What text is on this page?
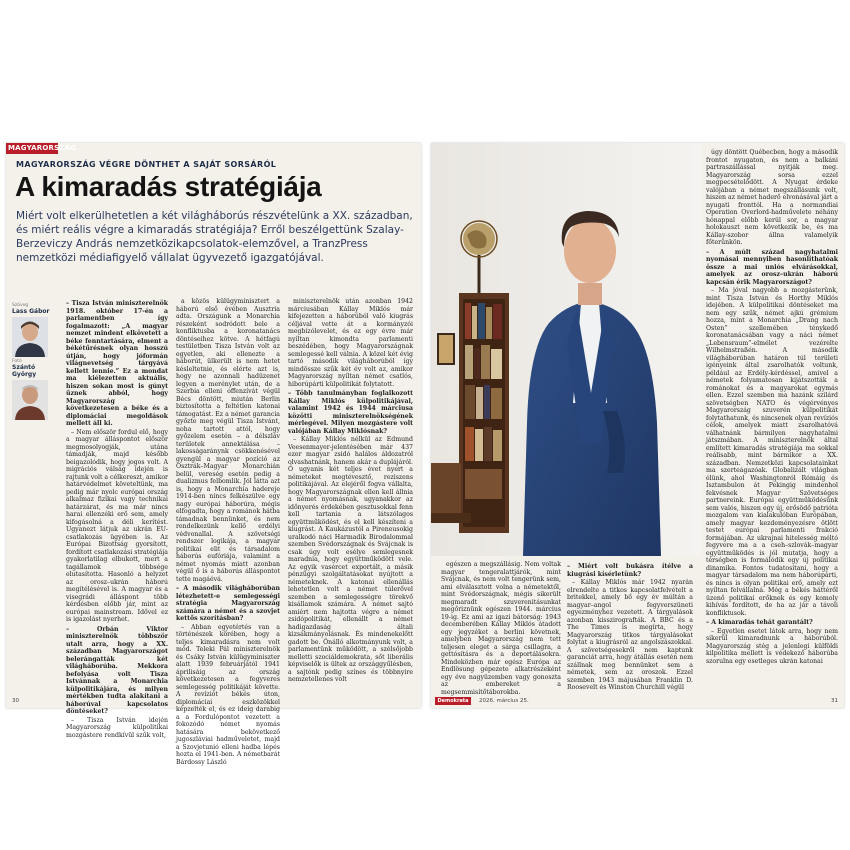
MAGYARORSZÁG
MAGYARORSZÁG VÉGRE DÖNTHET A SAJÁT SORSÁRÓL
A kimaradás stratégiája
Miért volt elkerülhetetlen a két világháborús részvételünk a XX. században, és miért reális végre a kimaradás stratégiája? Erről beszélgettünk Szalay-Berzeviczy András nemzetközikapcsolatok-elemzővel, a TranzPress nemzetközi médiafigyelő vállalat ügyvezető igazgatójával.
Szöveg
Lass Gábor
Fotó
Szántó György

– Tisza István miniszterelnök 1918. október 17-én a parlamentben így fogalmazott: „A magyar nemzet mindent elkövetett a béke fenntartására, elment a békétűrésnek olyan hosszú útján, hogy jóformán világnevetség tárgyává kellett lennie.” Ez a mondat ma kiélezetten aktuális, hiszen sokan most is gúnyt űznek abból, hogy Magyarország következetesen a béke és a diplomáciai megoldások mellett áll ki.

– Nem először fordul elő, hogy a magyar álláspontot először megmosolyogják, utána támadják, majd később beigazolódik, hogy jogos volt. A migrációs válság idején is rajtunk volt a célkereszt, amikor határvédelmet követeltünk, ma pedig már nyolc európai ország alkalmaz fizikai vagy technikai határzárat, és ma már nincs harai ellenzéki erő sem, amely kifogásolná a déli kerítést. Ugyanezt látjuk az ukrán EU-csatlakozás ügyében is. Az Európai Bizottság gyorsított, fordított csatlakozási stratégiája gyakorlatilag elbukott, mert a tagállamok többsége elutasította. Hasonló a helyzet az orosz–ukrán háború megítélésével is. A magyar és a visegrádi álláspont több kérdésben előbb jár, mint az európai mainstream. Idővel ez is igazolást nyerhet.

– Orbán Viktor miniszterelnök többször utalt arra, hogy a XX. században Magyarországot belerángatták két világháborúba. Mekkora befolyása volt Tisza Istvánnak a Monarchia külpolitikájára, és milyen mértékben tudta alakítani a háborúval kapcsolatos döntéseket?

– Tisza István idején Magyarország külpolitikai mozgástere rendkívül szűk volt,

a közös külügyminisztert a háború első évében Ausztria adta. Országunk a Monarchia részeként sodródott bele a konfliktusba a koronatanács döntéseihez kötve. A hétfagú testületben Tisza István volt az egyetlen, aki ellenezte a háborút, ülkerült is nem hetet késleltetnie, és elérte azt is, hogy ne azonnali hadüzenet legyen a merénylet után, de a Szerbia elleni offenzívát végül Bécs döntött, miután Berlin biztosította a feltétlen katonai támogatást. Ez a német garancia győzte meg végül Tisza Istvánt, noha tartott attól, hogy győzelem esetén – a délszláv területek annektálása – lakosságaránynk csökkenésével gyengül a magyar pozíció az Osztrák–Magyar Monarchián belül, vereség esetén pedig a dualizmus felbomlik. Jól látta azt is, hogy a Monarchia hadereje 1914-ben nincs felkészülve egy nagy európai háborúra, mégis elfogadta, hogy a románok hátba támadnak bennünket, és nem rendelkezünk kellő erdélyi védvonallal. A szövetségi rendszer logikája, a magyar politikai elit és társadalom háborús eufóriája, valamint a német nyomás miatt azonban végül ő is a háborús álláspontot tette magáévá.

– A második világháborúban létezhetett-e semlegességi stratégia Magyarország számára a német és a szovjet kettős szorításban?

– Abban egyetértés van a történészek körében, hogy a teljes kimaradásra nem volt mód. Teleki Pál miniszterelnök és Csáky István külügyminiszter alatt 1939 februárjától 1941 áprilisáig az ország következetesen a fegyveres semlegesség politikáját követte. A revíziót békés úton, diplomáciai eszközökkel képzelték el, és ez ideig darabig a a Fordulópontot vezetett a fokozódó német nyomás hatására bekövetkező jugoszláviai hadműveletet, majd a Szovjetunió elleni hadba lépés hozta el 1941-ben. A németbarát Bárdossy László

miniszterelnök után azonban 1942 márciusában Kállay Miklós már kifejezetten a háborúból való kiugrás céljával vette át a kormányzói megbízólevelet, és ez egy évre már nyíltan kimondta parlamenti beszédében, hogy Magyarországnak semlegessé kell válnia. A közel két évig tartó második világháborúból így mindössze szűk két év volt az, amikor Magyarország nyíltan német csatlós, hiborúpárti külpolitikát folytatott.

– Több tanulmányban foglalkozott Kállay Miklós külpolitikájával, valamint 1942 és 1944 márciusa közötti miniszterelnökségének mérlegével. Milyen mozgástere volt valójában Kállay Miklósnak?

– Kállay Miklós nélkül az Edmund Veesenmayer-jelentésében már 437 ezer magyar zsidó halálos áldozatról olvashatnánk, hanem akár a duplájáról. Ő ugyanis két teljes évet nyert a németeket megtévesztő, reziszens politikájával. Az elejéről fogva vállalta, hogy Magyarországnak ellen kell állnia a német nyomásnak, ugyanakkor az időnyerés érdekében gesztusokkal fenn kell tartania a látszólagos együttműködést, és el kell készíteni a kiugrást. A Kaukázustól a Pireneusokig uralkodó náci Harmadik Birodalommal szemben Svédországnak és Svájcnak is csak úgy volt esélye semlegesnek maradnia, hogy együttműködött vele. Az egyik vasércet exportált, a másik pénzügyi szolgáltatásokat nyújtott a németeknek. A katonai ellenállás lehetetlen volt a német túlerővel szemben a semlegességre törekvő kisállamok számára. A német sajtó amiért nem hajtotta végre a német zsidópolitikát, ellenállt a német hadigazdaság általi kizsákmányolásnak. És mindenekelőtt gadott be. Önálló alkotmányunk volt, a parlamentünk működött, a szélsőjobb melletti szociáldemokrata, sőt liberális képviselők is ültek az országgyűlésben, a sajtónk pedig színes és többnyire nemzetellenes volt

30

egészen a megszállásig. Nem voltak magyar tengeralattjárók, mint Svájcnak, és nem volt tengerünk sem, ami elválasztott volna a németektől, mint Svédországnak, mégis sikerült megmaradt szuverenitásunkat megőriznünk egészen 1944. március 19-ig. Ez ami az igazi bátorság: 1943 decemberében Kállay Miklós átadott egy jegyzéket a berlini követnek, amelyben Magyarország nem tett teljesen eleget a sárga csillagra, a gettósításra és a deportálásokra. Mindeközben már egész Európa az Endlösung gépezete alkatrészeként egy éve nagyüzemben vagy gonoszta az embereket a megsemmisítőtáborokba.

– Miért volt bukásra ítélve a kiugrási kísérletünk?

– Kállay Miklós már 1942 nyarán elrendelte a titkos kapcsolatfelvételt a britekkel, amely bő egy év múltán a magyar–angol fegyverszüneti egyezményhez vezetett. A tárgyalások azonban kisszirografták. A BBC és a The Times is megírta, hogy Magyarország titkos tárgyalásokat folytat a kiugrásról az angolszászokkal. A szövetségesekről nem kaptunk garanciát arra, hogy átállás esetén nem szállnak meg bennünket sem a németek, sem az oroszok. Ezzel szemben 1943 májusában Franklin D. Roosevelt és Winston Churchill végül

úgy döntött Québecben, hogy a második frontot nyugaton, és nem a balkáni partraszállással nyitják meg. Magyarország sorsa ezzel megpecsételődött. A Nyugat érdeke valójában a német megszállásunk volt, hiszen az német haderő elvonásával járt a nyugati fronttól. Ha a normandiai Operation Overlord-hadművelete néhány hónappal előbb kerül sor, a magyar holokauszt nem következik be, és ma Kállay-szobor állna valamelyik főterünkön.

– A múlt század nagyhatalmi nyomásai mennyiben hasonlíthatóak össze a mai uniós elvárásokkal, amelyek az orosz–ukrán háború kapcsán érik Magyarországot?

– Ma jóval nagyobb a mozgásterünk, mint Tisza István és Horthy Miklós idejében. A külpolitikai döntéseket ma nem egy szűk, német ajkú grémium hozza, mint a Monarchia „Drang nach Osten” szellemében ténykedő koronatanácsában vagy a náci német „Lebensraum”-elmélet vezérelte Wilhelmstraßén. A második világháborúban határon túl területi igényeink által zsarolhatók voltunk, például az Erdély-kérdéssel, amivel a németek folyamatosan kijátszották a románokat és a magyarokat egymás ellen. Ezzel szemben ma hazánk szilárd szövetségben NATO és végérvényes Magyarország szuverén külpolitikát folytathatunk, és nincsenek olyan revíziós célok, amelyek miatt zsarolhatóvá válhatnánk bármilyen nagyhatalmi játszmában. A miniszterelnök által említett kimaradás stratégiája ma sokkal reálisabb, mint bármikor a XX. században. Nemzetközi kapcsolatainkat ma szerteágazóak. Globalizált világban élünk, ahol Washingtonról Rómáig és Isztambulon át Pekingig mindenhol fekvésnek Magyar Szövetséges partnereink. Európai együttműködésünk sem valós, hiszen egy új, erősödő patrióta mozgalom van kialakulóban Európában, amely magyar kezdeményezésre ötlött testet európai parlamenti frakció formájában. Az ukrajnai hitelesség méltó fegyvere ma a a cseh–szlovák–magyar együttműködés is jól mutatja, hogy a térségben is formálódik egy új politikai dinamika. Fontos tudatosítani, hogy a magyar társadalom ma nem háborúpárti, és nincs is olyan politikai erő, amely ezt nyíltan felvállalná. Még a békés háttéről üzenő politikai erőknek és egy komoly kihívás fordított, de ha az jár a távoli konfliktusok.

– A kimaradás tehát garantált?

– Egyetlen esetet látok arra, hogy nem sikerül kimaradnunk a háborúból. Magyarország stég a jelenlegi külföldi kilpolitika mellett is védekező háborúba szorulna egy esetleges ukrán katonai

Demokrata	2026. március 25.	31
